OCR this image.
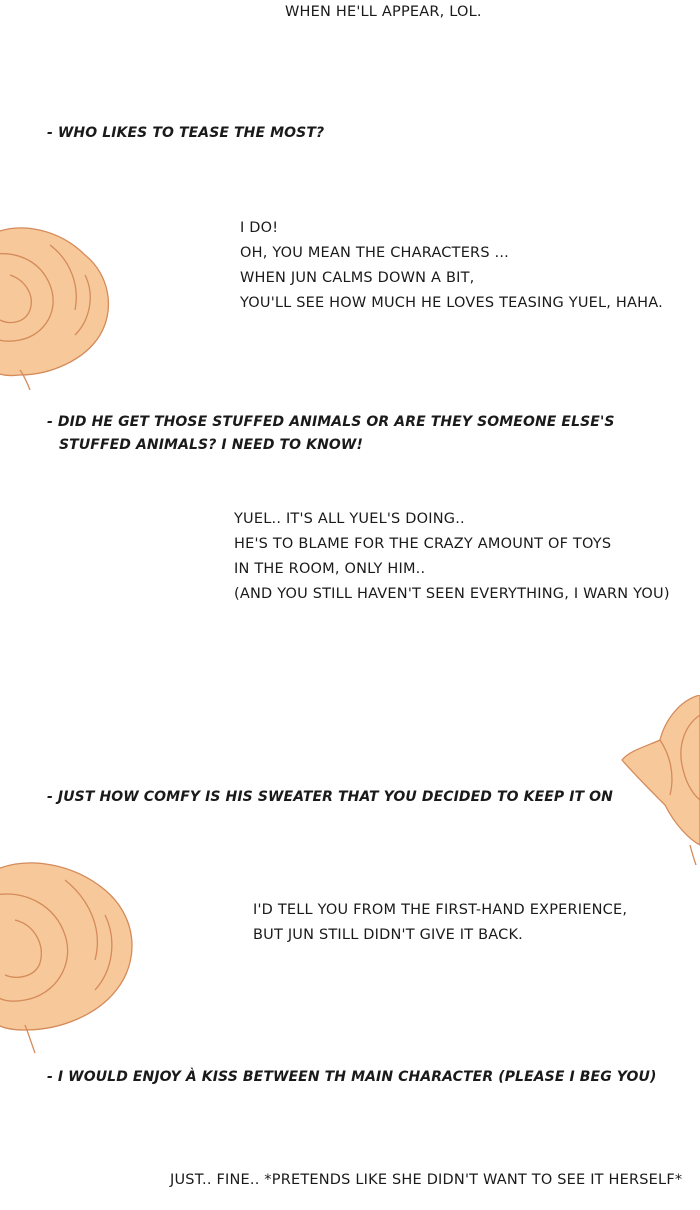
WHEN HE'LL APPEAR, LOL.
- WHO LIKES TO TEASE THE MOST?
I DO!
OH, YOU MEAN THE CHARACTERS ...
WHEN JUN CALMS DOWN A BIT,
YOU'LL SEE HOW MUCH HE LOVES TEASING YUEL, HAHA.
- DID HE GET THOSE STUFFED ANIMALS OR ARE THEY SOMEONE ELSE'S
STUFFED ANIMALS? I NEED TO KNOW!
YUEL.. IT'S ALL YUEL'S DOING..
HE'S TO BLAME FOR THE CRAZY AMOUNT OF TOYS
IN THE ROOM, ONLY HIM..
(AND YOU STILL HAVEN'T SEEN EVERYTHING, I WARN YOU)
- JUST HOW COMFY IS HIS SWEATER THAT YOU DECIDED TO KEEP IT ON
I'D TELL YOU FROM THE FIRST-HAND EXPERIENCE,
BUT JUN STILL DIDN'T GIVE IT BACK.
- I WOULD ENJOY À KISS BETWEEN TH MAIN CHARACTER (PLEASE I BEG YOU)
JUST.. FINE.. *PRETENDS LIKE SHE DIDN'T WANT TO SEE IT HERSELF*
